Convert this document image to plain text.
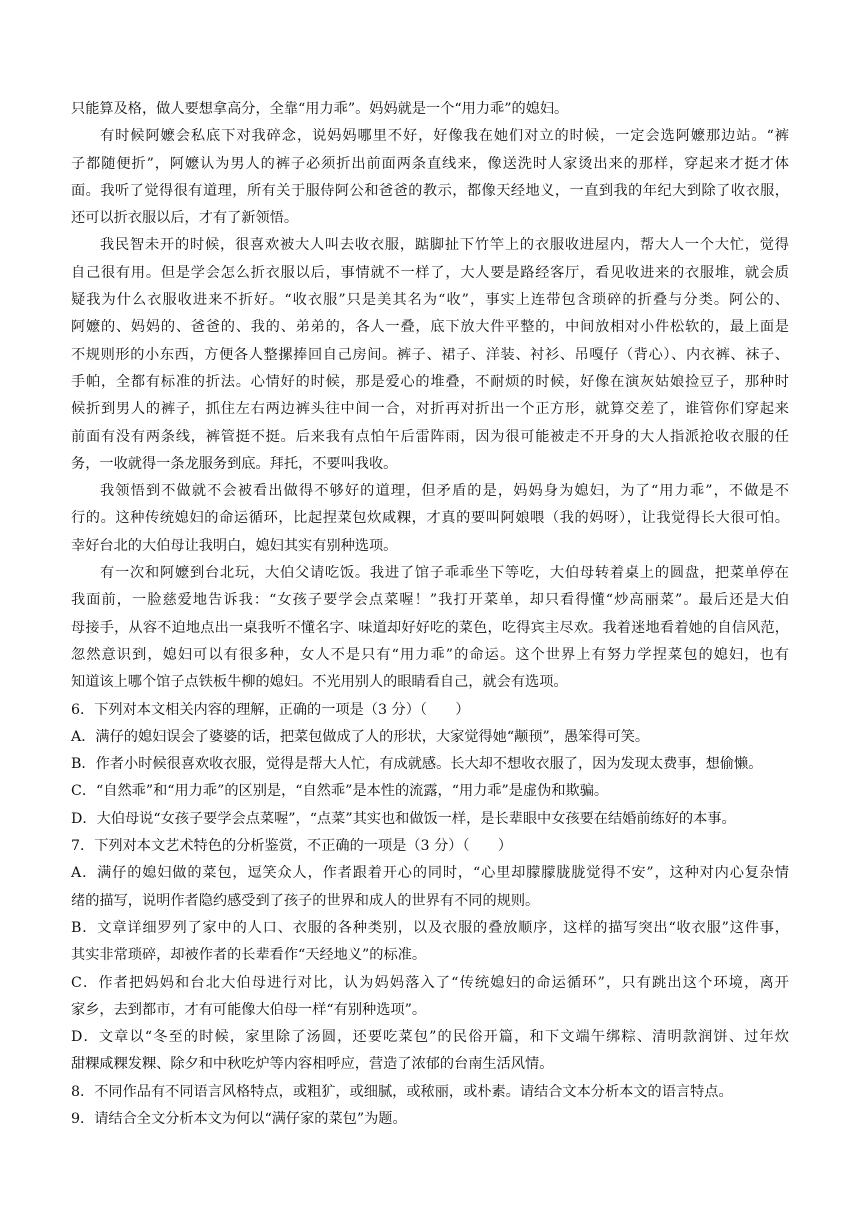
只能算及格，做人要想拿高分，全靠“用力乖”。妈妈就是一个“用力乖”的媳妇。
有时候阿嬷会私底下对我碎念，说妈妈哪里不好，好像我在她们对立的时候，一定会选阿嬷那边站。“裤
子都随便折”，阿嬷认为男人的裤子必须折出前面两条直线来，像送洗时人家烫出来的那样，穿起来才挺才体
面。我听了觉得很有道理，所有关于服侍阿公和爸爸的教示，都像天经地义，一直到我的年纪大到除了收衣服，
还可以折衣服以后，才有了新领悟。
我民智未开的时候，很喜欢被大人叫去收衣服，踮脚扯下竹竿上的衣服收进屋内，帮大人一个大忙，觉得
自己很有用。但是学会怎么折衣服以后，事情就不一样了，大人要是路经客厅，看见收进来的衣服堆，就会质
疑我为什么衣服收进来不折好。“收衣服”只是美其名为“收”，事实上连带包含琐碎的折叠与分类。阿公的、
阿嬷的、妈妈的、爸爸的、我的、弟弟的，各人一叠，底下放大件平整的，中间放相对小件松软的，最上面是
不规则形的小东西，方便各人整摞捧回自己房间。裤子、裙子、洋装、衬衫、吊嘎仔（背心）、内衣裤、袜子、
手帕，全都有标准的折法。心情好的时候，那是爱心的堆叠，不耐烦的时候，好像在演灰姑娘捡豆子，那种时
候折到男人的裤子，抓住左右两边裤头往中间一合，对折再对折出一个正方形，就算交差了，谁管你们穿起来
前面有没有两条线，裤管挺不挺。后来我有点怕午后雷阵雨，因为很可能被走不开身的大人指派抢收衣服的任
务，一收就得一条龙服务到底。拜托，不要叫我收。
我领悟到不做就不会被看出做得不够好的道理，但矛盾的是，妈妈身为媳妇，为了“用力乖”，不做是不
行的。这种传统媳妇的命运循环，比起捏菜包炊咸粿，才真的要叫阿娘喂（我的妈呀），让我觉得长大很可怕。
幸好台北的大伯母让我明白，媳妇其实有别种选项。
有一次和阿嬷到台北玩，大伯父请吃饭。我进了馆子乖乖坐下等吃，大伯母转着桌上的圆盘，把菜单停在
我面前，一脸慈爱地告诉我：“女孩子要学会点菜喔！”我打开菜单，却只看得懂“炒高丽菜”。最后还是大伯
母接手，从容不迫地点出一桌我听不懂名字、味道却好好吃的菜色，吃得宾主尽欢。我着迷地看着她的自信风范，
忽然意识到，媳妇可以有很多种，女人不是只有“用力乖”的命运。这个世界上有努力学捏菜包的媳妇，也有
知道该上哪个馆子点铁板牛柳的媳妇。不光用别人的眼睛看自己，就会有选项。
6．下列对本文相关内容的理解，正确的一项是（3 分）（　　）
A．满仔的媳妇误会了婆婆的话，把菜包做成了人的形状，大家觉得她“颟顸”，愚笨得可笑。
B．作者小时候很喜欢收衣服，觉得是帮大人忙，有成就感。长大却不想收衣服了，因为发现太费事，想偷懒。
C．“自然乖”和“用力乖”的区别是，“自然乖”是本性的流露，“用力乖”是虚伪和欺骗。
D．大伯母说“女孩子要学会点菜喔”，“点菜”其实也和做饭一样，是长辈眼中女孩要在结婚前练好的本事。
7．下列对本文艺术特色的分析鉴赏，不正确的一项是（3 分）（　　）
A．满仔的媳妇做的菜包，逗笑众人，作者跟着开心的同时，“心里却朦朦胧胧觉得不安”，这种对内心复杂情
绪的描写，说明作者隐约感受到了孩子的世界和成人的世界有不同的规则。
B．文章详细罗列了家中的人口、衣服的各种类别，以及衣服的叠放顺序，这样的描写突出“收衣服”这件事，
其实非常琐碎，却被作者的长辈看作“天经地义”的标准。
C．作者把妈妈和台北大伯母进行对比，认为妈妈落入了“传统媳妇的命运循环”，只有跳出这个环境，离开
家乡，去到都市，才有可能像大伯母一样“有别种选项”。
D．文章以“冬至的时候，家里除了汤圆，还要吃菜包”的民俗开篇，和下文端午绑粽、清明款润饼、过年炊
甜粿咸粿发粿、除夕和中秋吃炉等内容相呼应，营造了浓郁的台南生活风情。
8．不同作品有不同语言风格特点，或粗犷，或细腻，或秾丽，或朴素。请结合文本分析本文的语言特点。
9．请结合全文分析本文为何以“满仔家的菜包”为题。
